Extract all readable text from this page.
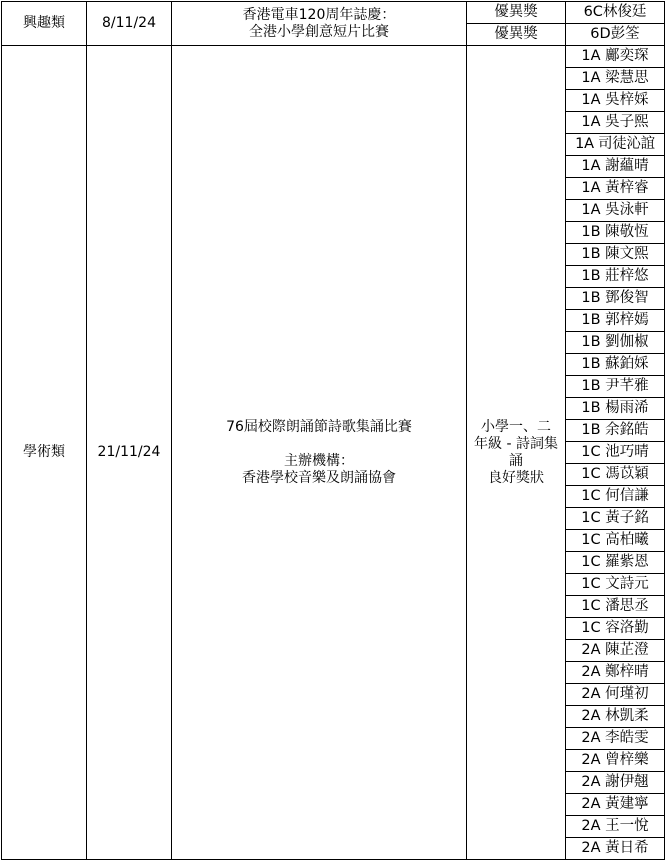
興趣類	8/11/24	香港電車120周年誌慶：
全港小學創意短片比賽	優異獎	6C林俊廷
			優異獎	6D彭筌
學術類	21/11/24	76屆校際朗誦節詩歌集誦比賽
主辦機構：
香港學校音樂及朗誦協會	小學一、二
年級 - 詩詞集
誦
良好獎狀	1A 鄺奕琛
				1A 梁慧思
				1A 吳梓婇
				1A 吳子熙
				1A 司徒沁誼
				1A 謝蘊晴
				1A 黃梓睿
				1A 吳泳軒
				1B 陳敬恆
				1B 陳文熙
				1B 莊梓悠
				1B 鄧俊智
				1B 郭梓嫣
				1B 劉伽椒
				1B 蘇鉑婇
				1B 尹芊雅
				1B 楊雨浠
				1B 余銘皓
				1C 池巧晴
				1C 馮苡穎
				1C 何信謙
				1C 黃子銘
				1C 高柏曦
				1C 羅紫恩
				1C 文詩元
				1C 潘思丞
				1C 容洛勤
				2A 陳芷澄
				2A 鄭梓晴
				2A 何瑾初
				2A 林凱柔
				2A 李皓雯
				2A 曾梓樂
				2A 謝伊翹
				2A 黃建寧
				2A 王一悅
				2A 黃日希
